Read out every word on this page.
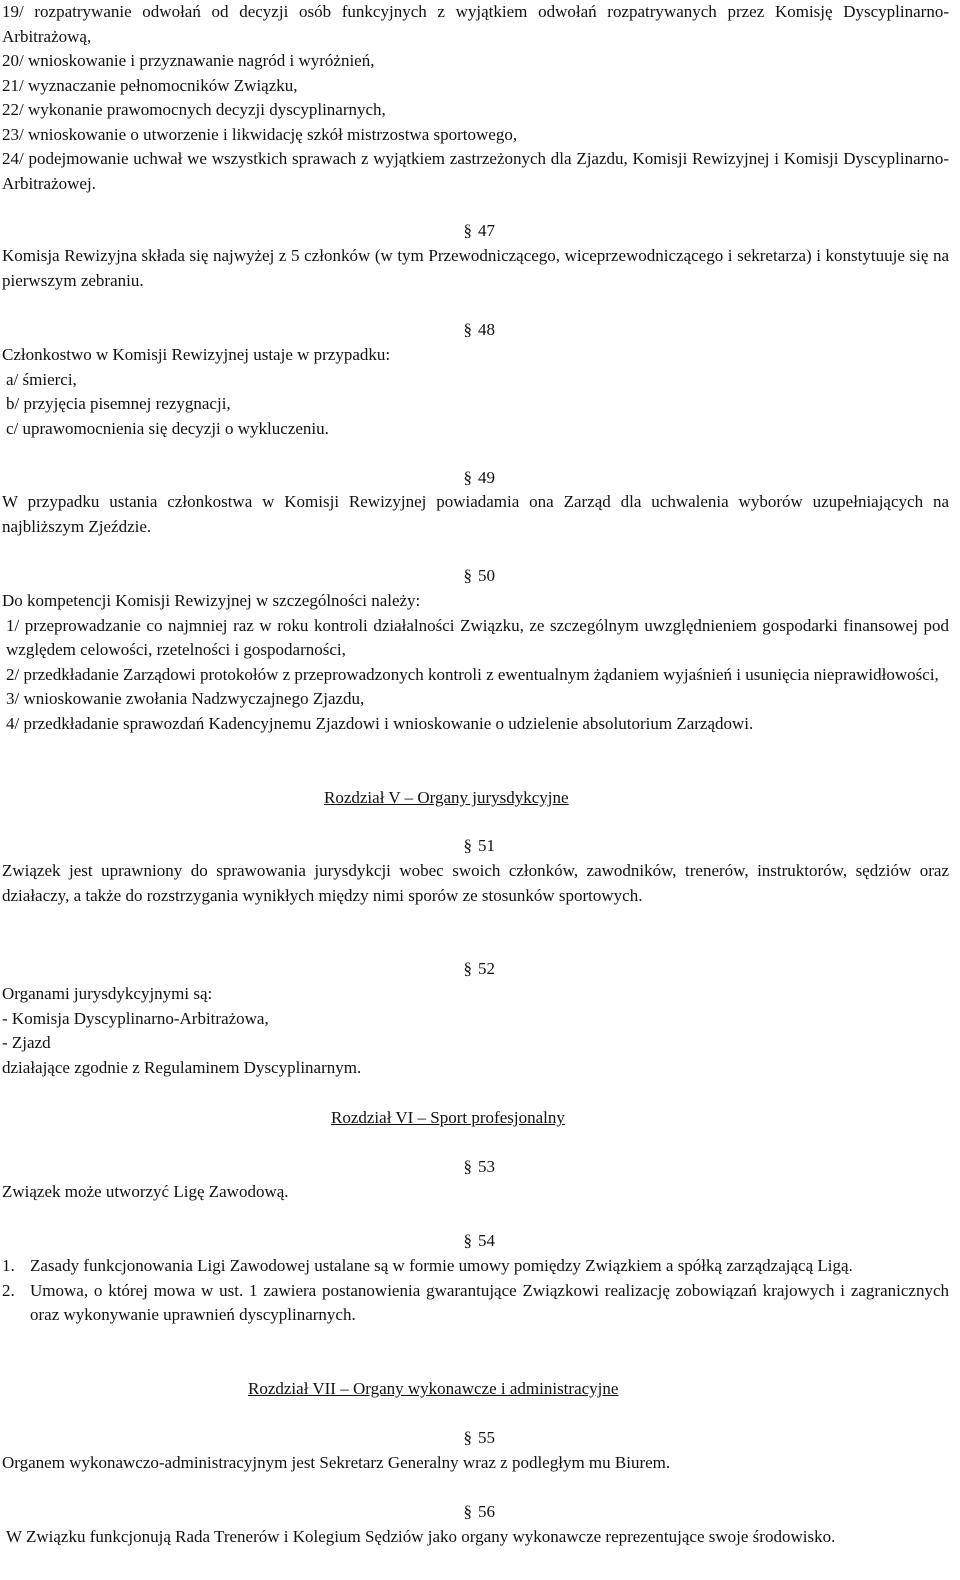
19/ rozpatrywanie odwołań od decyzji osób funkcyjnych z wyjątkiem odwołań rozpatrywanych przez Komisję Dyscyplinarno-Arbitrażową,

20/ wnioskowanie i przyznawanie nagród i wyróżnień,

21/ wyznaczanie pełnomocników Związku,

22/ wykonanie prawomocnych decyzji dyscyplinarnych,

23/ wnioskowanie o utworzenie i likwidację szkół mistrzostwa sportowego,

24/ podejmowanie uchwał we wszystkich sprawach z wyjątkiem zastrzeżonych dla Zjazdu, Komisji Rewizyjnej i Komisji Dyscyplinarno-Arbitrażowej.

§ 47

Komisja Rewizyjna składa się najwyżej z 5 członków (w tym Przewodniczącego, wiceprzewodniczącego i sekretarza) i konstytuuje się na pierwszym zebraniu.

§ 48

Członkostwo w Komisji Rewizyjnej ustaje w przypadku:

a/ śmierci,

b/ przyjęcia pisemnej rezygnacji,

c/ uprawomocnienia się decyzji o wykluczeniu.

§ 49

W przypadku ustania członkostwa w Komisji Rewizyjnej powiadamia ona Zarząd dla uchwalenia wyborów uzupełniających na najbliższym Zjeździe.

§ 50

Do kompetencji Komisji Rewizyjnej w szczególności należy:

1/ przeprowadzanie co najmniej raz w roku kontroli działalności Związku, ze szczególnym uwzględnieniem gospodarki finansowej pod względem celowości, rzetelności i gospodarności,

2/ przedkładanie Zarządowi protokołów z przeprowadzonych kontroli z ewentualnym żądaniem wyjaśnień i usunięcia nieprawidłowości,

3/ wnioskowanie zwołania Nadzwyczajnego Zjazdu,

4/ przedkładanie sprawozdań Kadencyjnemu Zjazdowi i wnioskowanie o udzielenie absolutorium Zarządowi.

Rozdział V – Organy jurysdykcyjne
§ 51

Związek jest uprawniony do sprawowania jurysdykcji wobec swoich członków, zawodników, trenerów, instruktorów, sędziów oraz działaczy, a także do rozstrzygania wynikłych między nimi sporów ze stosunków sportowych.

§ 52

Organami jurysdykcyjnymi są:

- Komisja Dyscyplinarno-Arbitrażowa,

- Zjazd

działające zgodnie z Regulaminem Dyscyplinarnym.

Rozdział VI – Sport profesjonalny
§ 53

Związek może utworzyć Ligę Zawodową.

§ 54
1. Zasady funkcjonowania Ligi Zawodowej ustalane są w formie umowy pomiędzy Związkiem a spółką zarządzającą Ligą.
2. Umowa, o której mowa w ust. 1 zawiera postanowienia gwarantujące Związkowi realizację zobowiązań krajowych i zagranicznych oraz wykonywanie uprawnień dyscyplinarnych.
Rozdział VII – Organy wykonawcze i administracyjne
§ 55

Organem wykonawczo-administracyjnym jest Sekretarz Generalny wraz z podległym mu Biurem.

§ 56

W Związku funkcjonują Rada Trenerów i Kolegium Sędziów jako organy wykonawcze reprezentujące swoje środowisko.
